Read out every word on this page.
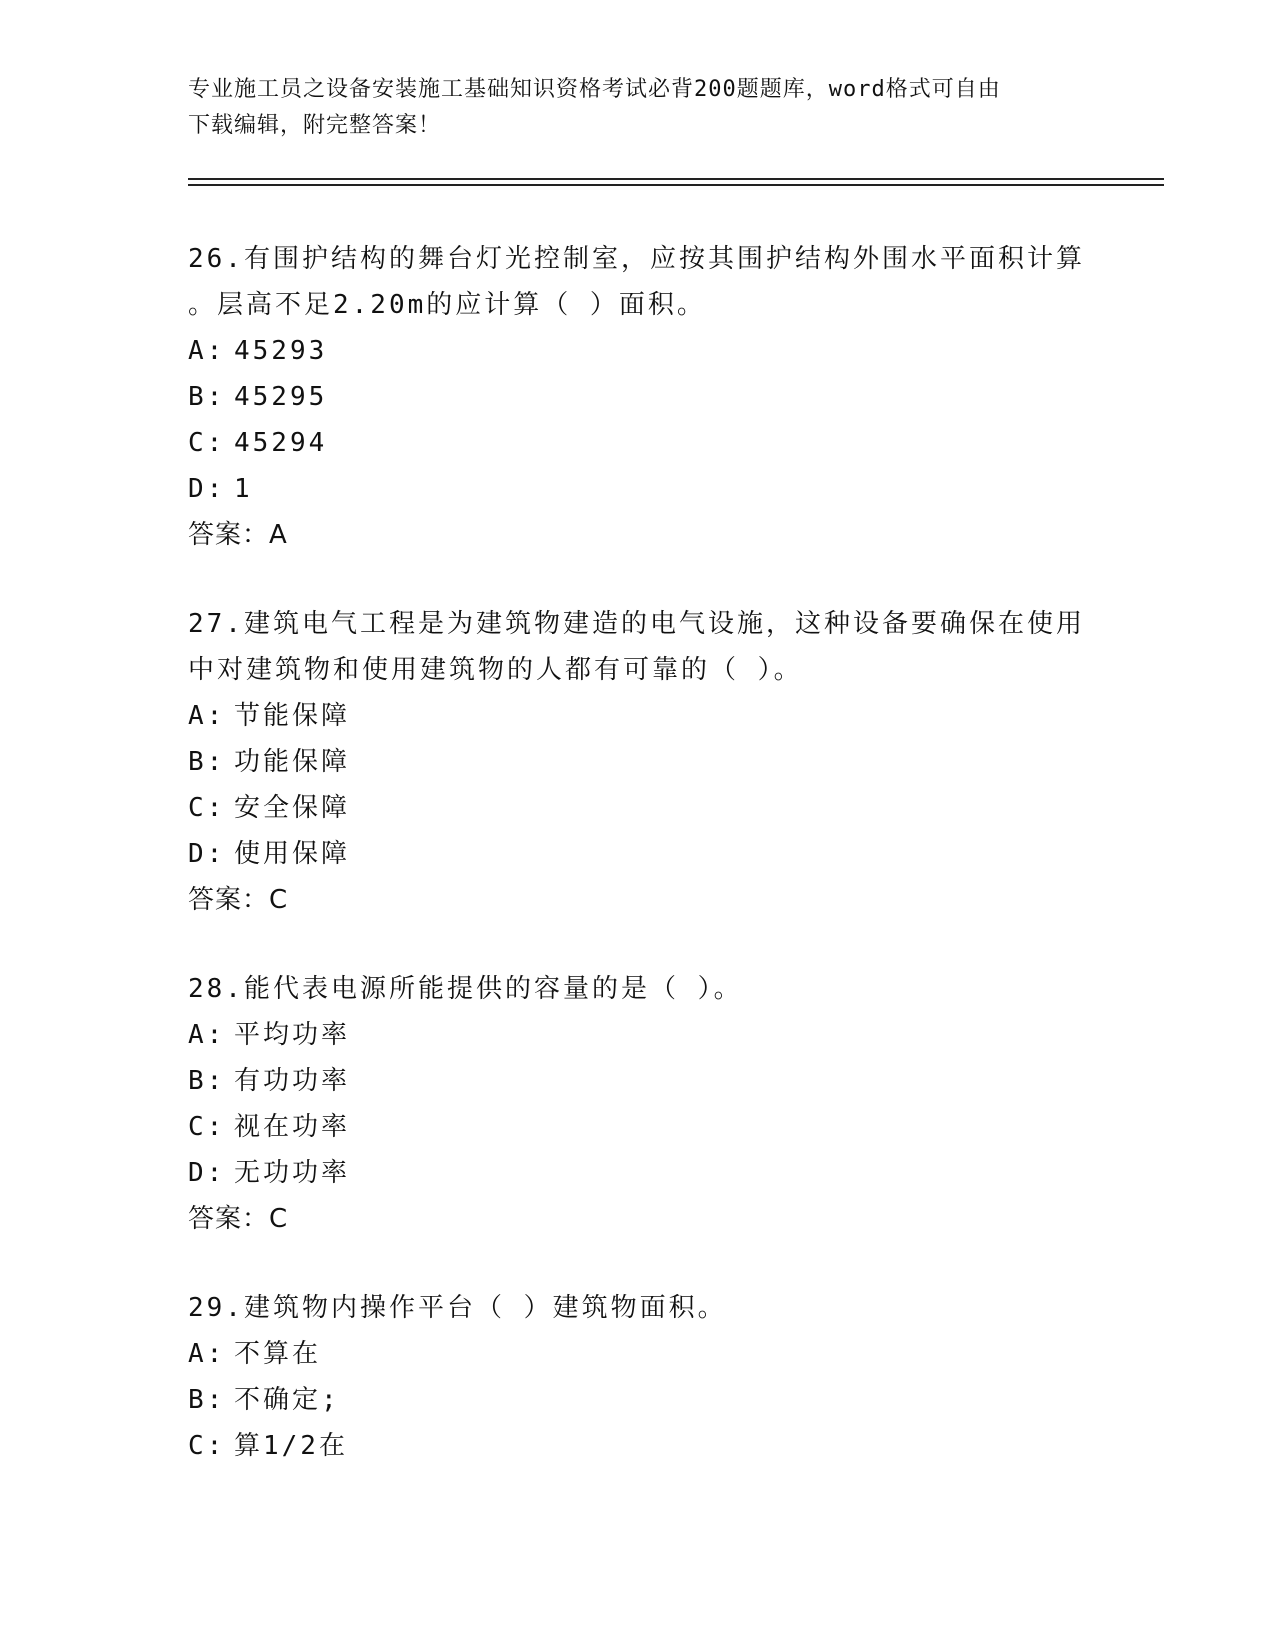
专业施工员之设备安装施工基础知识资格考试必背200题题库，word格式可自由
下载编辑，附完整答案！
26.有围护结构的舞台灯光控制室，应按其围护结构外围水平面积计算
。层高不足2.20m的应计算（ ）面积。
A: 45293
B: 45295
C: 45294
D: 1
答案：A
27.建筑电气工程是为建筑物建造的电气设施，这种设备要确保在使用
中对建筑物和使用建筑物的人都有可靠的（ ）。
A: 节能保障
B: 功能保障
C: 安全保障
D: 使用保障
答案：C
28.能代表电源所能提供的容量的是（ ）。
A: 平均功率
B: 有功功率
C: 视在功率
D: 无功功率
答案：C
29.建筑物内操作平台（ ）建筑物面积。
A: 不算在
B: 不确定;
C: 算1/2在
